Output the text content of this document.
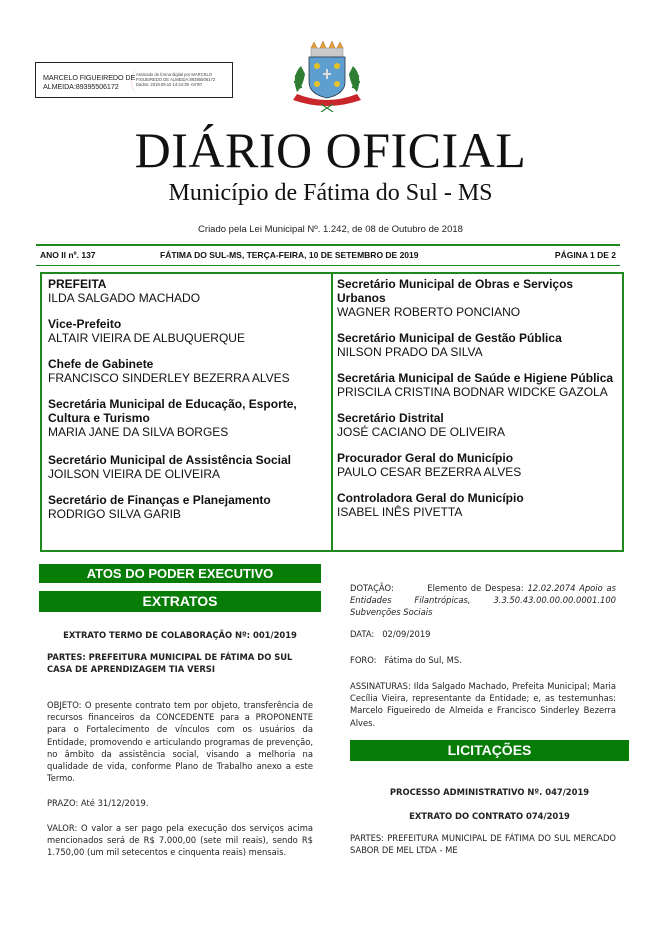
MARCELO FIGUEIREDO DE
ALMEIDA:89395506172
Assinado de forma digital por MARCELO
FIGUEIREDO DE ALMEIDA:89395506172
Dados: 2019.09.10 14:44:39 -04'00'
DIÁRIO OFICIAL
Município de Fátima do Sul - MS
Criado pela Lei Municipal Nº. 1.242, de 08 de Outubro de 2018
ANO II nº. 137	FÁTIMA DO SUL-MS, TERÇA-FEIRA, 10 DE SETEMBRO DE 2019	PÁGINA 1 DE 2
PREFEITA
ILDA SALGADO MACHADO
Vice-Prefeito
ALTAIR VIEIRA DE ALBUQUERQUE
Chefe de Gabinete
FRANCISCO SINDERLEY BEZERRA ALVES
Secretária Municipal de Educação, Esporte, Cultura e Turismo
MARIA JANE DA SILVA BORGES
Secretário Municipal de Assistência Social
JOILSON VIEIRA DE OLIVEIRA
Secretário de Finanças e Planejamento
RODRIGO SILVA GARIB
Secretário Municipal de Obras e Serviços Urbanos
WAGNER ROBERTO PONCIANO
Secretário Municipal de Gestão Pública
NILSON PRADO DA SILVA
Secretária Municipal de Saúde e Higiene Pública
PRISCILA CRISTINA BODNAR WIDCKE GAZOLA
Secretário Distrital
JOSÉ CACIANO DE OLIVEIRA
Procurador Geral do Município
PAULO CESAR BEZERRA ALVES
Controladora Geral do Município
ISABEL INÊS PIVETTA
ATOS DO PODER EXECUTIVO
EXTRATOS
EXTRATO TERMO DE COLABORAÇÃO Nº: 001/2019
PARTES: PREFEITURA MUNICIPAL DE FÁTIMA DO SUL
CASA DE APRENDIZAGEM TIA VERSI
OBJETO: O presente contrato tem por objeto, transferência de recursos financeiros da CONCEDENTE para a PROPONENTE para o Fortalecimento de vínculos com os usuários da Entidade, promovendo e articulando programas de prevenção, no âmbito da assistência social, visando a melhoria na qualidade de vida, conforme Plano de Trabalho anexo a este Termo.
PRAZO: Até 31/12/2019.
VALOR: O valor a ser pago pela execução dos serviços acima mencionados será de R$ 7.000,00 (sete mil reais), sendo R$ 1.750,00 (um mil setecentos e cinquenta reais) mensais.
DOTAÇÃO:	Elemento de Despesa: 12.02.2074 Apoio as Entidades Filantrópicas, 3.3.50.43.00.00.00.0001.100 Subvenções Sociais
DATA:   02/09/2019
FORO:   Fátima do Sul, MS.
ASSINATURAS: Ilda Salgado Machado, Prefeita Municipal; Maria Cecília Vieira, representante da Entidade; e, as testemunhas: Marcelo Figueiredo de Almeida e Francisco Sinderley Bezerra Alves.
LICITAÇÕES
PROCESSO ADMINISTRATIVO Nº. 047/2019
EXTRATO DO CONTRATO 074/2019
PARTES: PREFEITURA MUNICIPAL DE FÁTIMA DO SUL MERCADO SABOR DE MEL LTDA - ME
